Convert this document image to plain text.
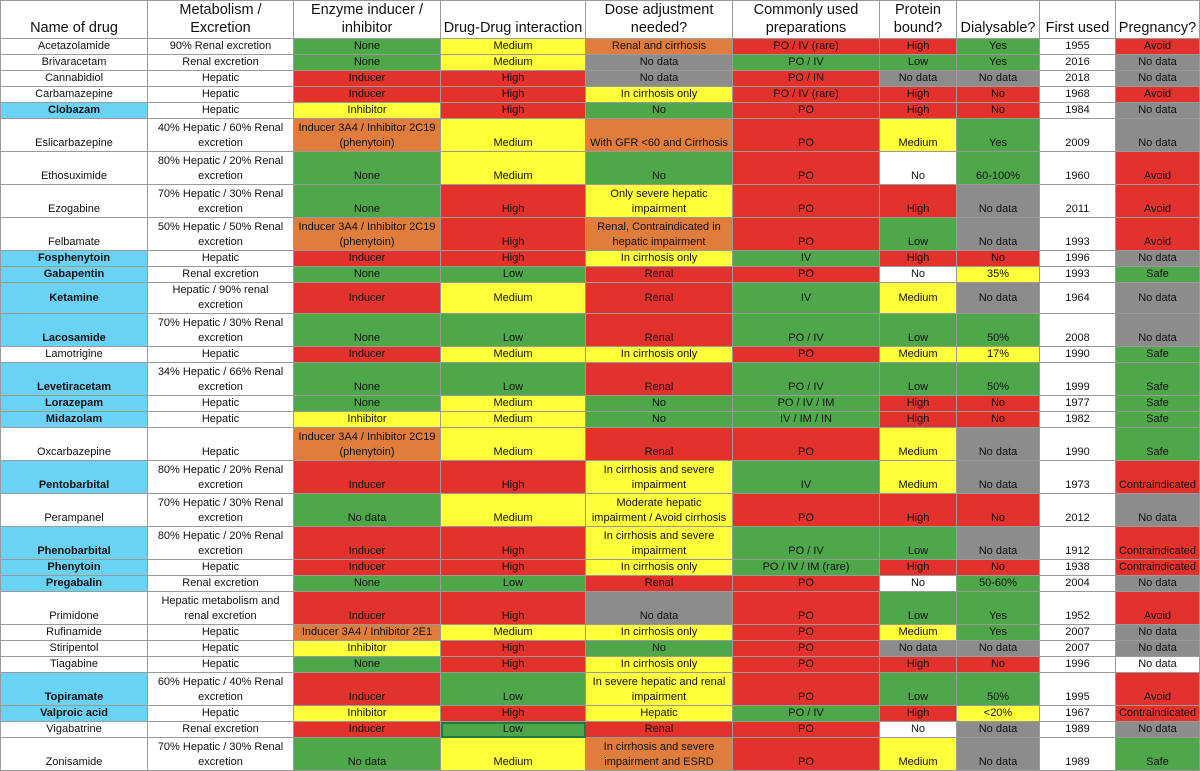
Name of drug	Metabolism / Excretion	Enzyme inducer / inhibitor	Drug-Drug interaction	Dose adjustment needed?	Commonly used preparations	Protein bound?	Dialysable?	First used	Pregnancy?
Acetazolamide	90% Renal excretion	None	Medium	Renal and cirrhosis	PO / IV (rare)	High	Yes	1955	Avoid
Brivaracetam	Renal excretion	None	Medium	No data	PO / IV	Low	Yes	2016	No data
Cannabidiol	Hepatic	Inducer	High	No data	PO / IN	No data	No data	2018	No data
Carbamazepine	Hepatic	Inducer	High	In cirrhosis only	PO / IV (rare)	High	No	1968	Avoid
Clobazam	Hepatic	Inhibitor	High	No	PO	High	No	1984	No data
Eslicarbazepine	40% Hepatic / 60% Renal excretion	Inducer 3A4 / Inhibitor 2C19 (phenytoin)	Medium	With GFR <60 and Cirrhosis	PO	Medium	Yes	2009	No data
Ethosuximide	80% Hepatic / 20% Renal excretion	None	Medium	No	PO	No	60-100%	1960	Avoid
Ezogabine	70% Hepatic / 30% Renal excretion	None	High	Only severe hepatic impairment	PO	High	No data	2011	Avoid
Felbamate	50% Hepatic / 50% Renal excretion	Inducer 3A4 / Inhibitor 2C19 (phenytoin)	High	Renal, Contraindicated in hepatic impairment	PO	Low	No data	1993	Avoid
Fosphenytoin	Hepatic	Inducer	High	In cirrhosis only	IV	High	No	1996	No data
Gabapentin	Renal excretion	None	Low	Renal	PO	No	35%	1993	Safe
Ketamine	Hepatic / 90% renal excretion	Inducer	Medium	Renal	IV	Medium	No data	1964	No data
Lacosamide	70% Hepatic / 30% Renal excretion	None	Low	Renal	PO / IV	Low	50%	2008	No data
Lamotrigine	Hepatic	Inducer	Medium	In cirrhosis only	PO	Medium	17%	1990	Safe
Levetiracetam	34% Hepatic / 66% Renal excretion	None	Low	Renal	PO / IV	Low	50%	1999	Safe
Lorazepam	Hepatic	None	Medium	No	PO / IV / IM	High	No	1977	Safe
Midazolam	Hepatic	Inhibitor	Medium	No	IV / IM / IN	High	No	1982	Safe
Oxcarbazepine	Hepatic	Inducer 3A4 / Inhibitor 2C19 (phenytoin)	Medium	Renal	PO	Medium	No data	1990	Safe
Pentobarbital	80% Hepatic / 20% Renal excretion	Inducer	High	In cirrhosis and severe impairment	IV	Medium	No data	1973	Contraindicated
Perampanel	70% Hepatic / 30% Renal excretion	No data	Medium	Moderate hepatic impairment / Avoid cirrhosis	PO	High	No	2012	No data
Phenobarbital	80% Hepatic / 20% Renal excretion	Inducer	High	In cirrhosis and severe impairment	PO / IV	Low	No data	1912	Contraindicated
Phenytoin	Hepatic	Inducer	High	In cirrhosis only	PO / IV / IM (rare)	High	No	1938	Contraindicated
Pregabalin	Renal excretion	None	Low	Renal	PO	No	50-60%	2004	No data
Primidone	Hepatic metabolism and renal excretion	Inducer	High	No data	PO	Low	Yes	1952	Avoid
Rufinamide	Hepatic	Inducer 3A4 / Inhibitor 2E1	Medium	In cirrhosis only	PO	Medium	Yes	2007	No data
Stiripentol	Hepatic	Inhibitor	High	No	PO	No data	No data	2007	No data
Tiagabine	Hepatic	None	High	In cirrhosis only	PO	High	No	1996	No data
Topiramate	60% Hepatic / 40% Renal excretion	Inducer	Low	In severe hepatic and renal impairment	PO	Low	50%	1995	Avoid
Valproic acid	Hepatic	Inhibitor	High	Hepatic	PO / IV	High	<20%	1967	Contraindicated
Vigabatrine	Renal excretion	Inducer	Low	Renal	PO	No	No data	1989	No data
Zonisamide	70% Hepatic / 30% Renal excretion	No data	Medium	In cirrhosis and severe impairment and ESRD	PO	Medium	No data	1989	Safe
